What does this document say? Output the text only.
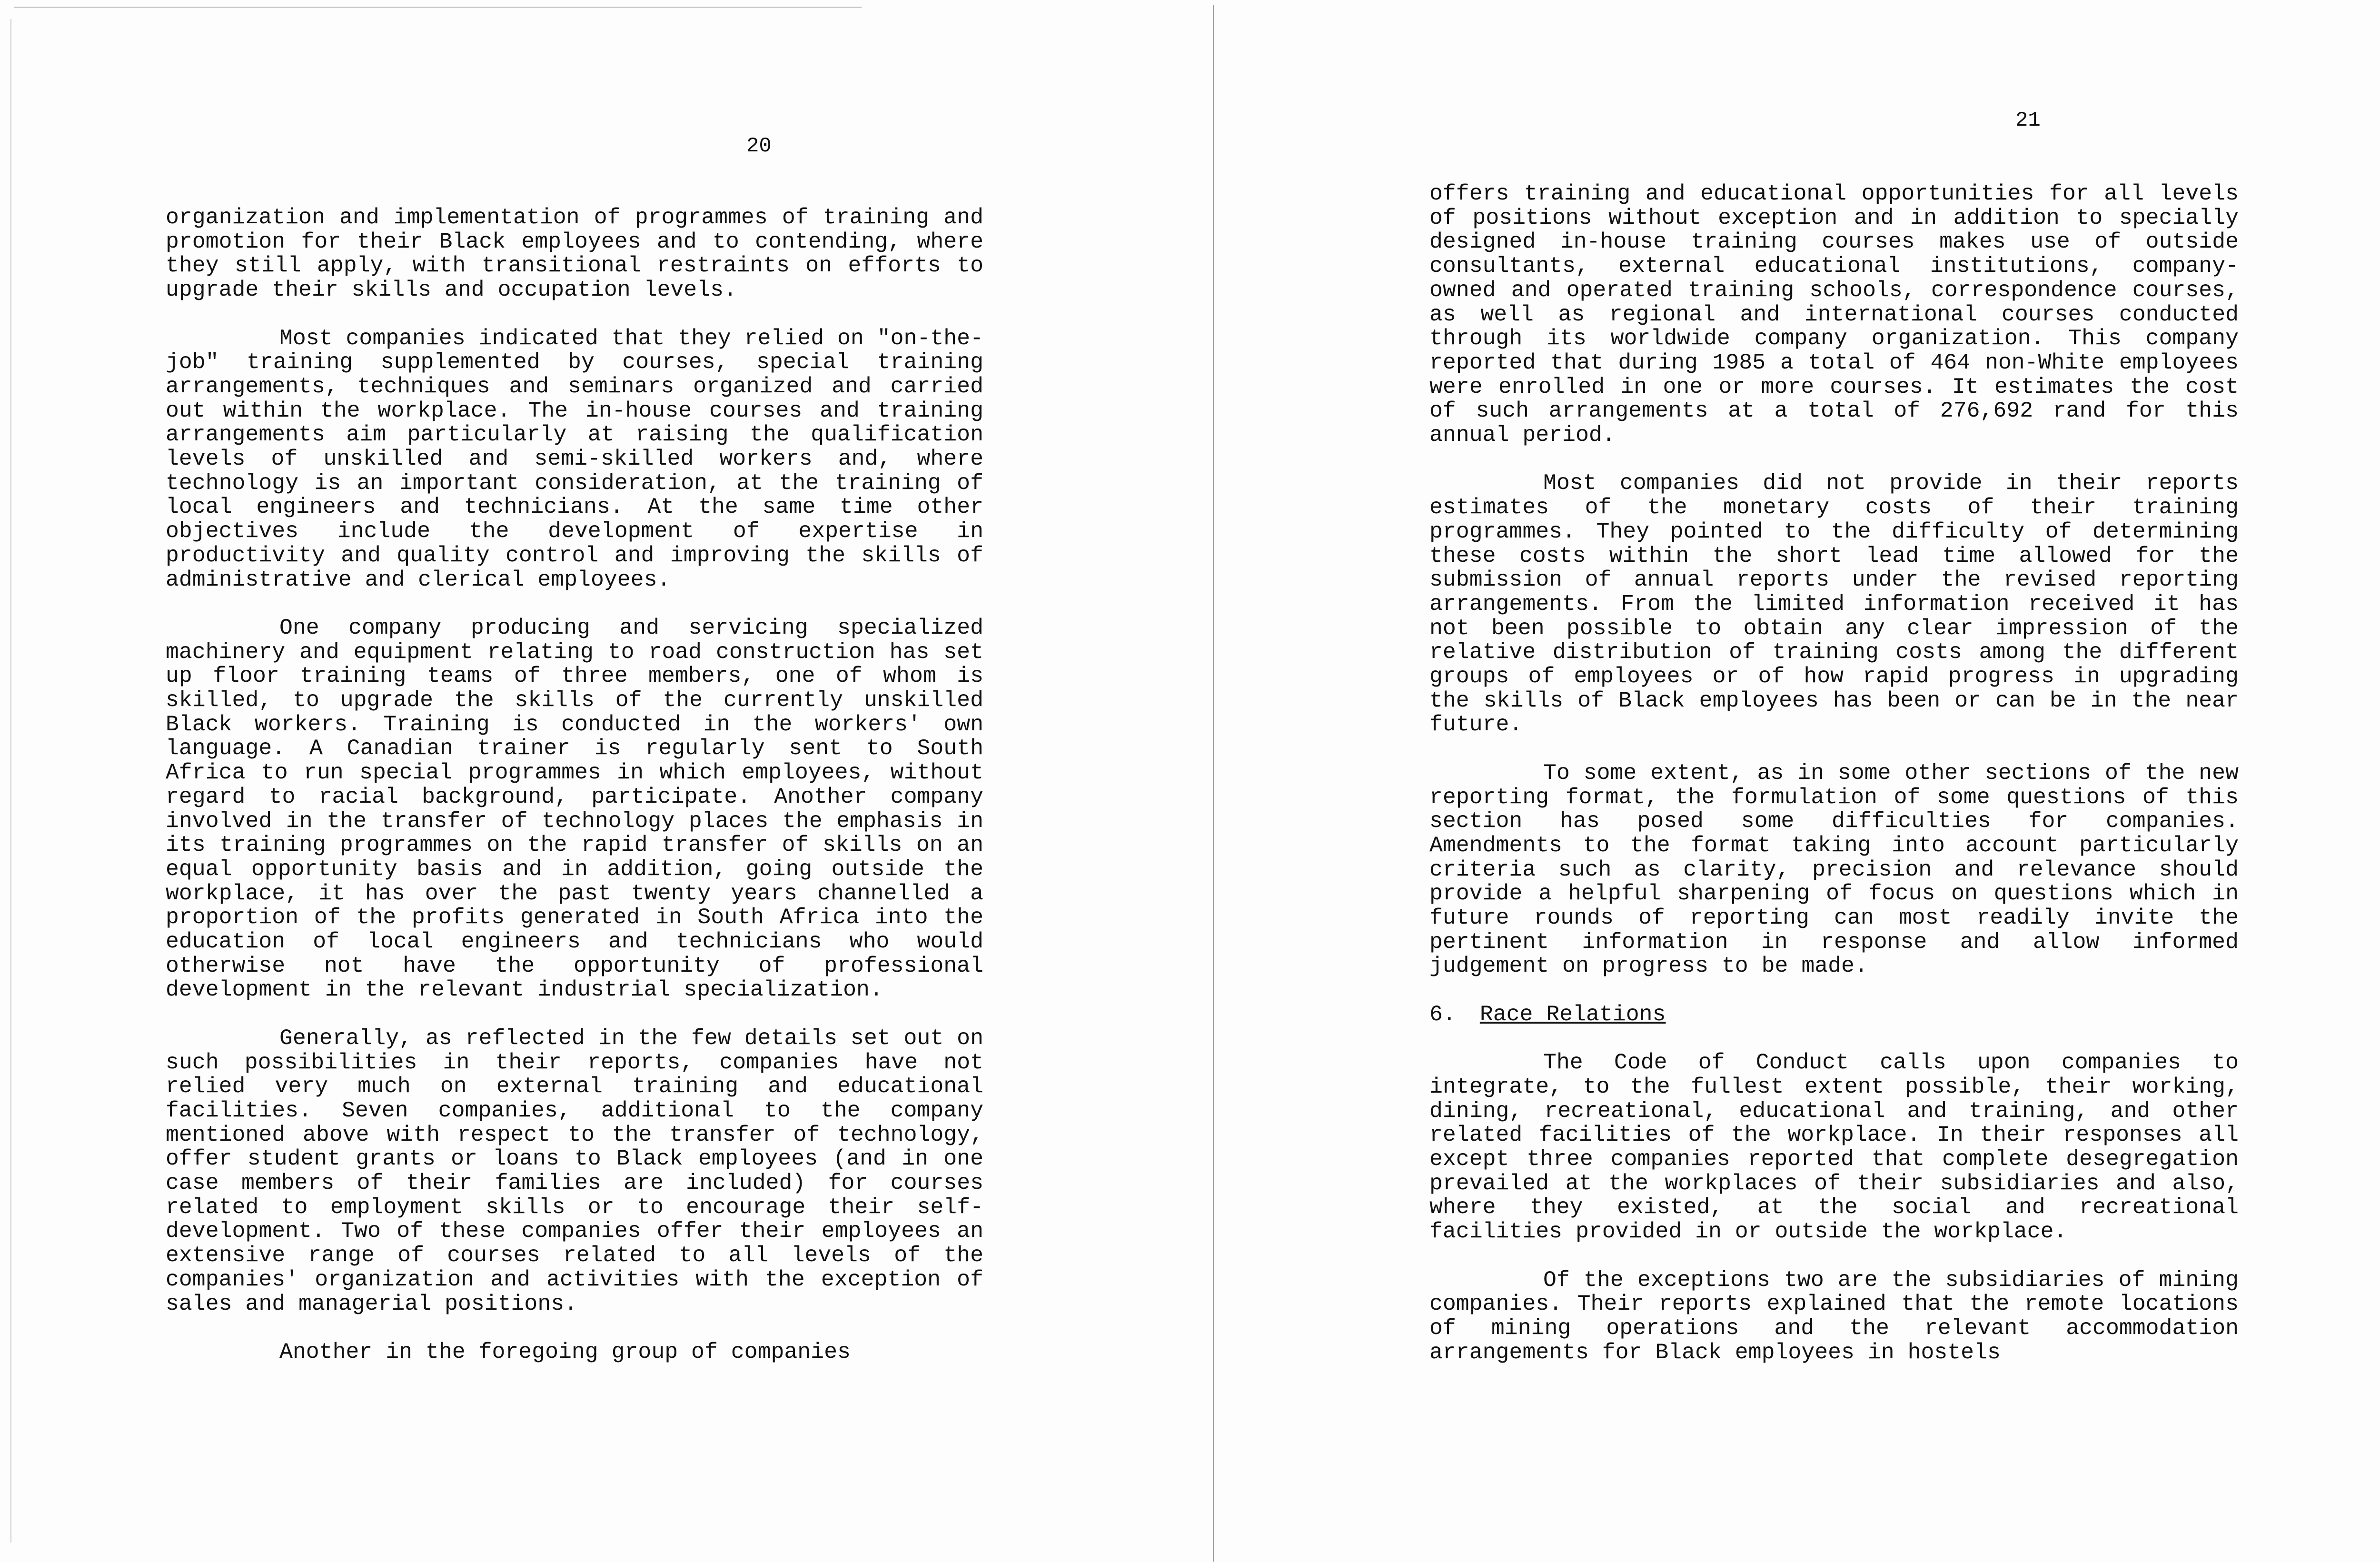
20

organization and implementation of programmes of training and promotion for their Black employees and to contending, where they still apply, with transitional restraints on efforts to upgrade their skills and occupation levels.

Most companies indicated that they relied on "on-the-job" training supplemented by courses, special training arrangements, techniques and seminars organized and carried out within the workplace. The in-house courses and training arrangements aim particularly at raising the qualification levels of unskilled and semi-skilled workers and, where technology is an important consideration, at the training of local engineers and technicians. At the same time other objectives include the development of expertise in productivity and quality control and improving the skills of administrative and clerical employees.

One company producing and servicing specialized machinery and equipment relating to road construction has set up floor training teams of three members, one of whom is skilled, to upgrade the skills of the currently unskilled Black workers. Training is conducted in the workers' own language. A Canadian trainer is regularly sent to South Africa to run special programmes in which employees, without regard to racial background, participate. Another company involved in the transfer of technology places the emphasis in its training programmes on the rapid transfer of skills on an equal opportunity basis and in addition, going outside the workplace, it has over the past twenty years channelled a proportion of the profits generated in South Africa into the education of local engineers and technicians who would otherwise not have the opportunity of professional development in the relevant industrial specialization.

Generally, as reflected in the few details set out on such possibilities in their reports, companies have not relied very much on external training and educational facilities. Seven companies, additional to the company mentioned above with respect to the transfer of technology, offer student grants or loans to Black employees (and in one case members of their families are included) for courses related to employment skills or to encourage their self-development. Two of these companies offer their employees an extensive range of courses related to all levels of the companies' organization and activities with the exception of sales and managerial positions.

Another in the foregoing group of companies

21

offers training and educational opportunities for all levels of positions without exception and in addition to specially designed in-house training courses makes use of outside consultants, external educational institutions, company-owned and operated training schools, correspondence courses, as well as regional and international courses conducted through its worldwide company organization. This company reported that during 1985 a total of 464 non-White employees were enrolled in one or more courses. It estimates the cost of such arrangements at a total of 276,692 rand for this annual period.

Most companies did not provide in their reports estimates of the monetary costs of their training programmes. They pointed to the difficulty of determining these costs within the short lead time allowed for the submission of annual reports under the revised reporting arrangements. From the limited information received it has not been possible to obtain any clear impression of the relative distribution of training costs among the different groups of employees or of how rapid progress in upgrading the skills of Black employees has been or can be in the near future.

To some extent, as in some other sections of the new reporting format, the formulation of some questions of this section has posed some difficulties for companies. Amendments to the format taking into account particularly criteria such as clarity, precision and relevance should provide a helpful sharpening of focus on questions which in future rounds of reporting can most readily invite the pertinent information in response and allow informed judgement on progress to be made.

6. Race Relations

The Code of Conduct calls upon companies to integrate, to the fullest extent possible, their working, dining, recreational, educational and training, and other related facilities of the workplace. In their responses all except three companies reported that complete desegregation prevailed at the workplaces of their subsidiaries and also, where they existed, at the social and recreational facilities provided in or outside the workplace.

Of the exceptions two are the subsidiaries of mining companies. Their reports explained that the remote locations of mining operations and the relevant accommodation arrangements for Black employees in hostels
